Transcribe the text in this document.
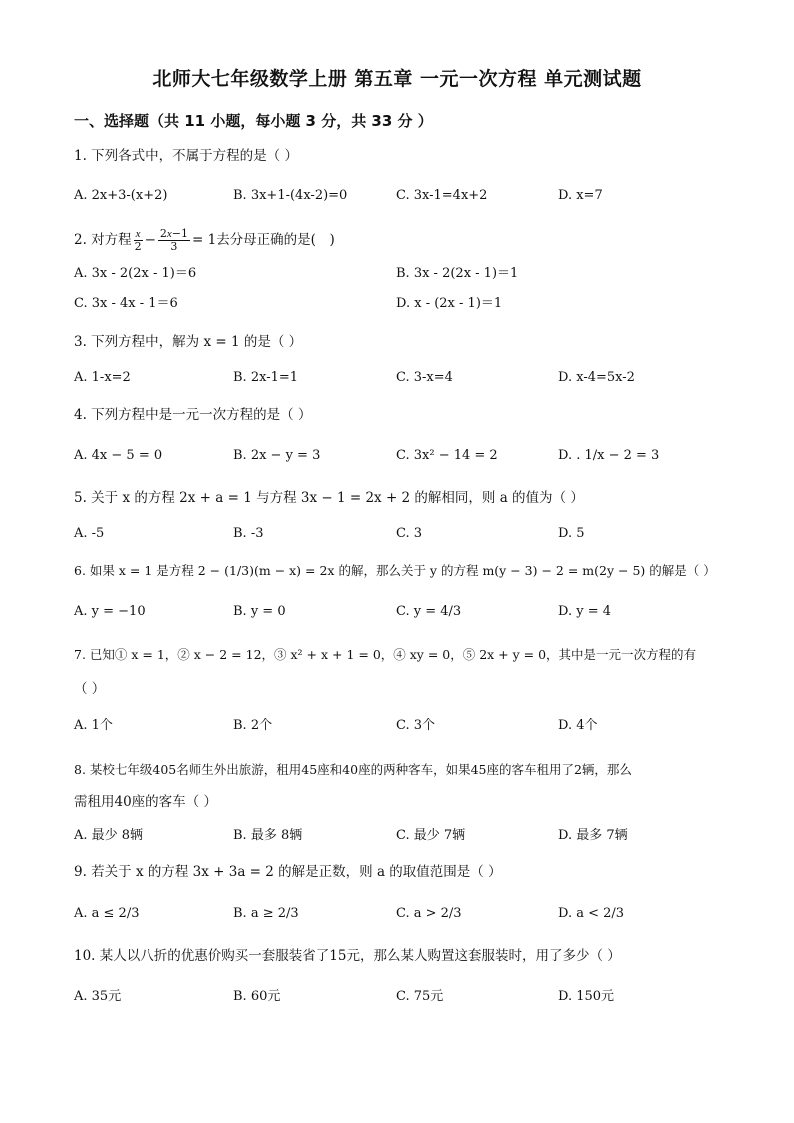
北师大七年级数学上册 第五章 一元一次方程 单元测试题
一、选择题（共 11 小题，每小题 3 分，共 33 分 ）
1. 下列各式中，不属于方程的是（ ）
A. 2x+3-(x+2)	B. 3x+1-(4x-2)=0	C. 3x-1=4x+2	D. x=7
2. 对方程 $\frac{x}{2} - \frac{2x-1}{3} = 1$去分母正确的是(　)
A. 3x - 2(2x - 1)＝6	B. 3x - 2(2x - 1)＝1
C. 3x - 4x - 1＝6	D. x - (2x - 1)＝1
3. 下列方程中，解为 x = 1 的是（ ）
A. 1-x=2	B. 2x-1=1	C. 3-x=4	D. x-4=5x-2
4. 下列方程中是一元一次方程的是（ ）
A. 4x − 5 = 0	B. 2x − y = 3	C. 3x² − 14 = 2	D. . 1/x − 2 = 3
5. 关于 x 的方程 2x + a = 1 与方程 3x − 1 = 2x + 2 的解相同，则 a 的值为（ ）
A. -5	B. -3	C. 3	D. 5
6. 如果 x = 1 是方程 2 − (1/3)(m − x) = 2x 的解，那么关于 y 的方程 m(y − 3) − 2 = m(2y − 5) 的解是（ ）
A. y = −10	B. y = 0	C. y = 4/3	D. y = 4
7. 已知① x = 1，② x − 2 = 12，③ x² + x + 1 = 0，④ xy = 0，⑤ 2x + y = 0，其中是一元一次方程的有
（ ）
A. 1个	B. 2个	C. 3个	D. 4个
8. 某校七年级405名师生外出旅游，租用45座和40座的两种客车，如果45座的客车租用了2辆，那么
需租用40座的客车（ ）
A. 最少 8辆	B. 最多 8辆	C. 最少 7辆	D. 最多 7辆
9. 若关于 x 的方程 3x + 3a = 2 的解是正数，则 a 的取值范围是（ ）
A. a ≤ 2/3	B. a ≥ 2/3	C. a > 2/3	D. a < 2/3
10. 某人以八折的优惠价购买一套服装省了15元，那么某人购置这套服装时，用了多少（ ）
A. 35元	B. 60元	C. 75元	D. 150元
